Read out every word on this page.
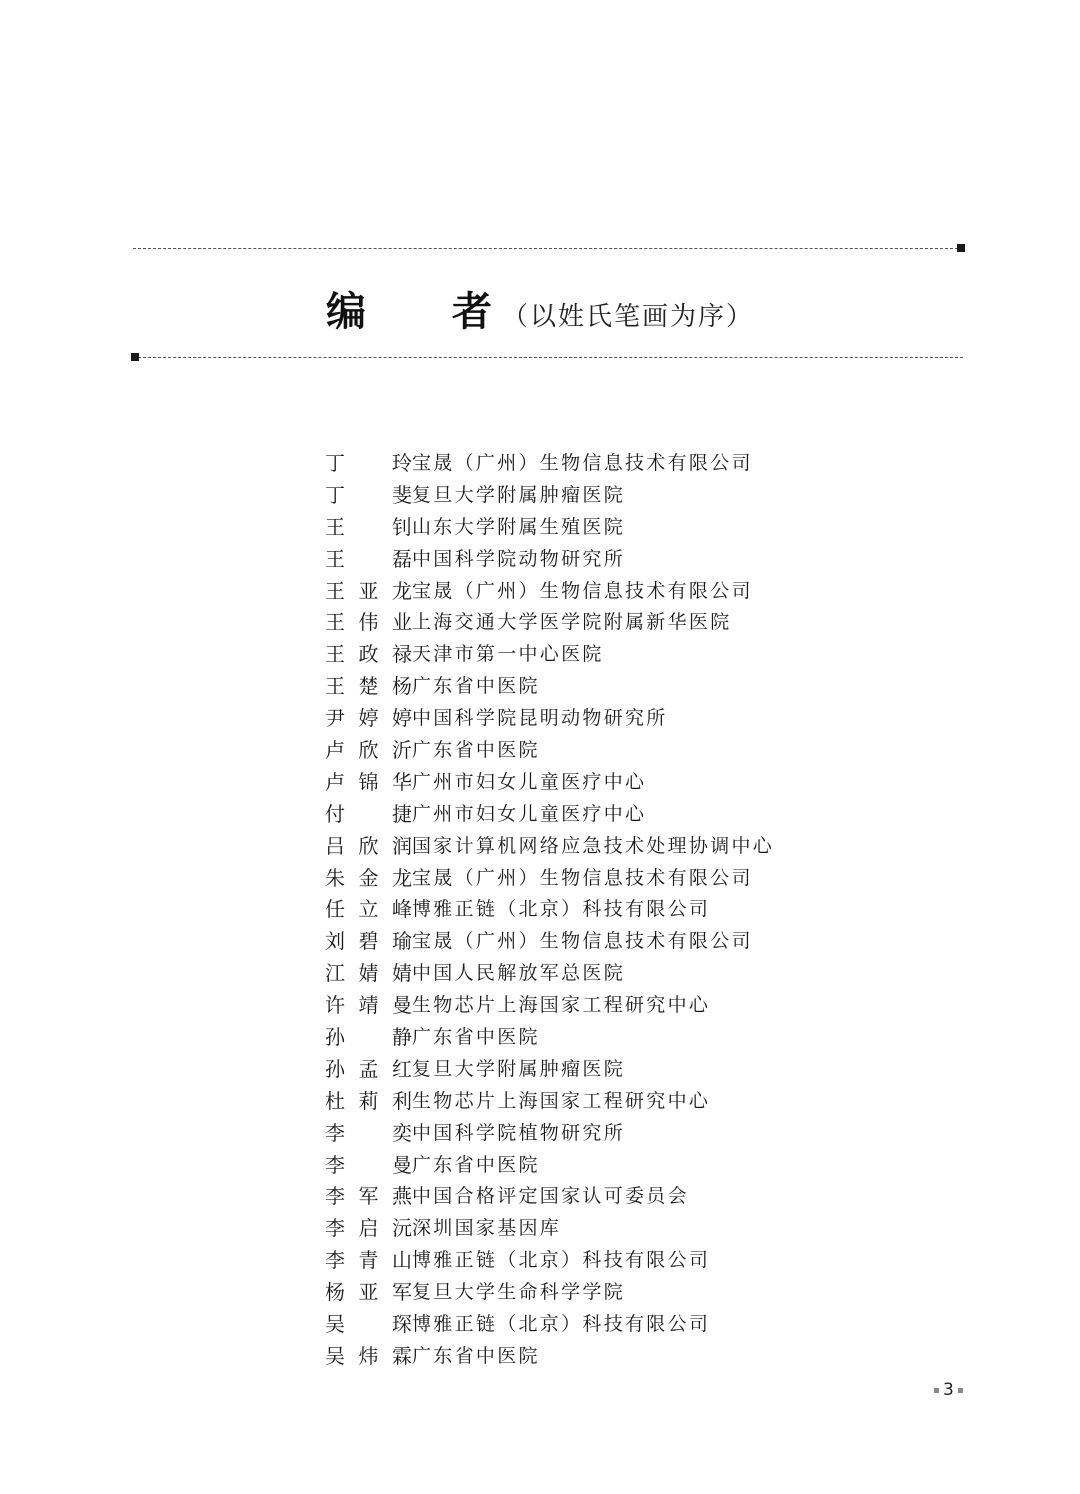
编 者（以姓氏笔画为序）
丁　玲宝晟（广州）生物信息技术有限公司
丁　斐复旦大学附属肿瘤医院
王　钊山东大学附属生殖医院
王　磊中国科学院动物研究所
王亚龙宝晟（广州）生物信息技术有限公司
王伟业上海交通大学医学院附属新华医院
王政禄天津市第一中心医院
王楚杨广东省中医院
尹婷婷中国科学院昆明动物研究所
卢欣沂广东省中医院
卢锦华广州市妇女儿童医疗中心
付　捷广州市妇女儿童医疗中心
吕欣润国家计算机网络应急技术处理协调中心
朱金龙宝晟（广州）生物信息技术有限公司
任立峰博雅正链（北京）科技有限公司
刘碧瑜宝晟（广州）生物信息技术有限公司
江婧婧中国人民解放军总医院
许靖曼生物芯片上海国家工程研究中心
孙　静广东省中医院
孙孟红复旦大学附属肿瘤医院
杜莉利生物芯片上海国家工程研究中心
李　奕中国科学院植物研究所
李　曼广东省中医院
李军燕中国合格评定国家认可委员会
李启沅深圳国家基因库
李青山博雅正链（北京）科技有限公司
杨亚军复旦大学生命科学学院
吴　琛博雅正链（北京）科技有限公司
吴炜霖广东省中医院
3
